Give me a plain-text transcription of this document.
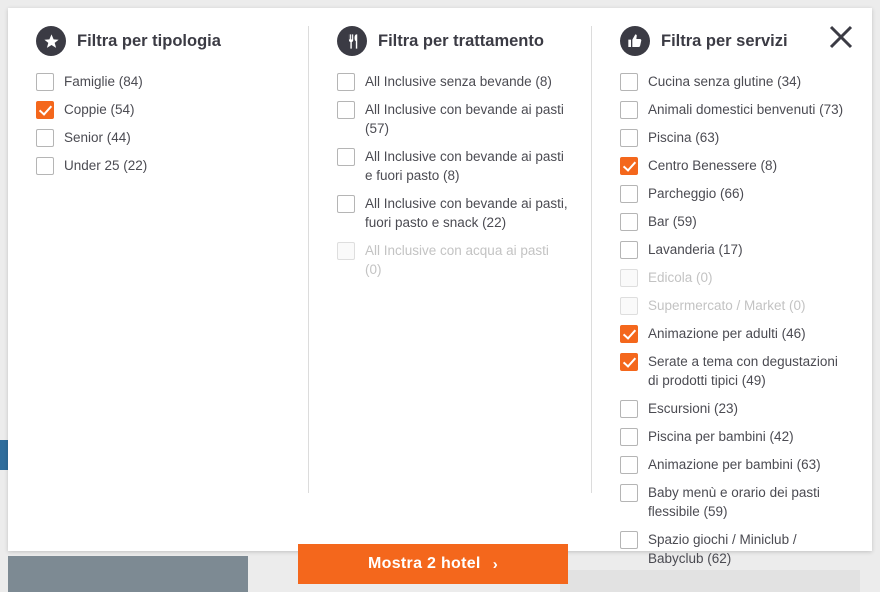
Filtra per tipologia
Famiglie (84)
Coppie (54)
Senior (44)
Under 25 (22)
Filtra per trattamento
All Inclusive senza bevande (8)
All Inclusive con bevande ai pasti (57)
All Inclusive con bevande ai pasti e fuori pasto (8)
All Inclusive con bevande ai pasti, fuori pasto e snack (22)
All Inclusive con acqua ai pasti (0)
Filtra per servizi
Cucina senza glutine (34)
Animali domestici benvenuti (73)
Piscina (63)
Centro Benessere (8)
Parcheggio (66)
Bar (59)
Lavanderia (17)
Edicola (0)
Supermercato / Market (0)
Animazione per adulti (46)
Serate a tema con degustazioni di prodotti tipici (49)
Escursioni (23)
Piscina per bambini (42)
Animazione per bambini (63)
Baby menù e orario dei pasti flessibile (59)
Spazio giochi / Miniclub / Babyclub (62)
Mostra 2 hotel ›
